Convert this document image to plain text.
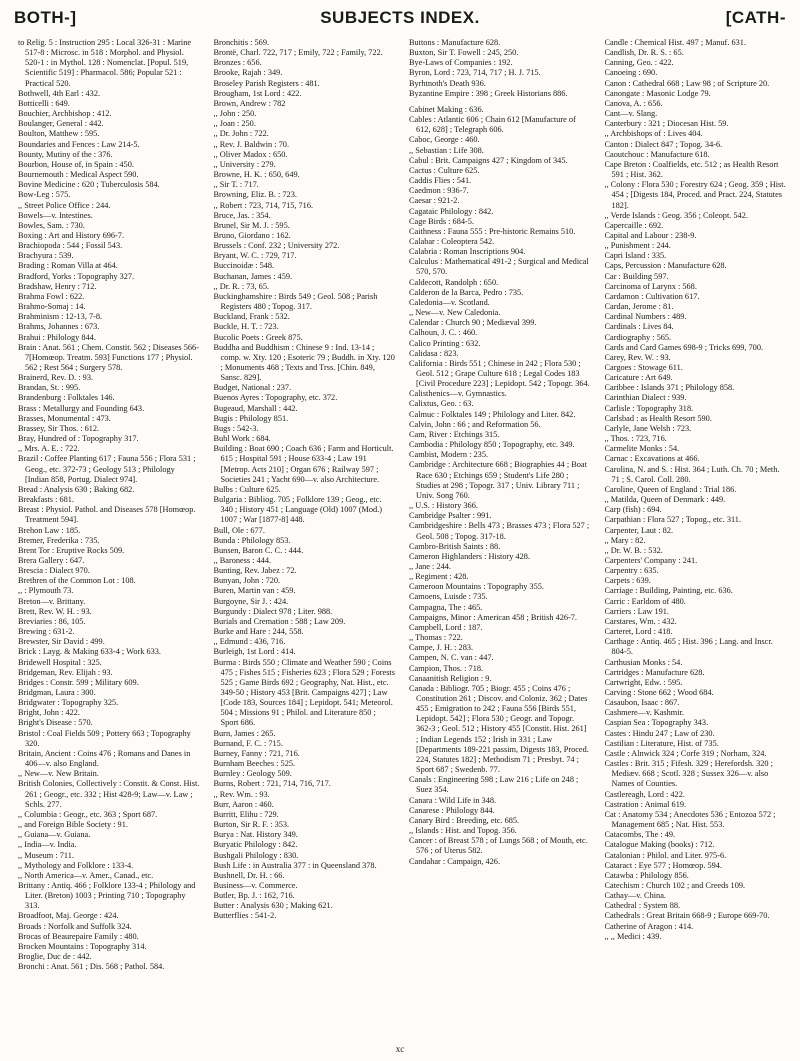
SUBJECTS INDEX.
BOTH-]	[CATH-

to Relig. 5 : Instruction 295 : Local 326-31 : Marine 517-8 : Microsc. in 518 : Morphol. and Physiol. 520-1 : in Mythol. 128 : Nomenclat. [Popul. 519, Scientific 519] : Pharmacol. 586; Popular 521 : Practical 520.

Bothwell, 4th Earl : 432.

Botticelli : 649.

Bouchier, Archbishop : 412.

Boulanger, General : 442.

Boulton, Matthew : 595.

Boundaries and Fences : Law 214-5.

Bounty, Mutiny of the : 376.

Bourbon, House of, in Spain : 450.

Bournemouth : Medical Aspect 590.

Bovine Medicine : 620 ; Tuberculosis 584.

Bow-Leg : 575.

,, Street Police Office : 244.

Bowels—v. Intestines.

Bowles, Sam. : 730.

Boxing : Art and History 696-7.

Brachiopoda : 544 ; Fossil 543.

Brachyura : 539.

Brading : Roman Villa at 464.

Bradford, Yorks : Topography 327.

Bradshaw, Henry : 712.

Brahma Fowl : 622.

Brahmo-Somaj : 14.

Brahminism : 12-13, 7-8.

Brahms, Johannes : 673.

Brahui : Philology 844.

Brain : Anat. 561 ; Chem. Constit. 562 ; Diseases 566-7[Homœop. Treatm. 593] Functions 177 ; Physiol. 562 ; Rest 564 ; Surgery 578.

Brainerd, Rev. D. : 93.

Brandan, St. : 995.

Brandenburg : Folktales 146.

Brass : Metallurgy and Founding 643.

Brasses, Monumental : 473.

Brassey, Sir Thos. : 612.

Bray, Hundred of : Topography 317.

,, Mrs. A. E. : 722.

Brazil : Coffee Planting 617 ; Fauna 556 ; Flora 531 ; Geog., etc. 372-73 ; Geology 513 ; Philology [Indian 858, Portug. Dialect 974].

Bread : Analysis 630 ; Baking 682.

Breakfasts : 681.

Breast : Physiol. Pathol. and Diseases 578 [Homœop. Treatment 594].

Brehon Law : 185.

Bremer, Frederika : 735.

Brent Tor : Eruptive Rocks 509.

Brera Gallery : 647.

Brescia : Dialect 970.

Brethren of the Common Lot : 108.

,, : Plymouth 73.

Breton—v. Brittany.

Brett, Rev. W. H. : 93.

Breviaries : 86, 105.

Brewing : 631-2.

Brewster, Sir David : 499.

Brick : Layg. & Making 633-4 ; Work 633.

Bridewell Hospital : 325.

Bridgeman, Rev. Elijah : 93.

Bridges : Constr. 599 ; Military 609.

Bridgman, Laura : 300.

Bridgwater : Topography 325.

Bright, John : 422.

Bright's Disease : 570.

Bristol : Coal Fields 509 ; Pottery 663 ; Topography 320.

Britain, Ancient : Coins 476 ; Romans and Danes in 406—v. also England.

,, New—v. New Britain.

British Colonies, Collectively : Constit. & Const. Hist. 261 ; Geogr., etc. 332 ; Hist 428-9; Law—v. Law ; Schls. 277.

,, Columbia : Geogr., etc. 363 ; Sport 687.

,, and Foreign Bible Society : 91.

,, Guiana—v. Guiana.

,, India—v. India.

,, Museum : 711.

,, Mythology and Folklore : 133-4.

,, North America—v. Amer., Canad., etc.

Brittany : Antiq. 466 ; Folklore 133-4 ; Philology and Liter. (Breton) 1003 ; Printing 710 ; Topography 313.

Broadfoot, Maj. George : 424.

Broads : Norfolk and Suffolk 324.

Brocas of Beaurepaire Family : 480.

Brocken Mountains : Topography 314.

Broglie, Duc de : 442.

Bronchi : Anat. 561 ; Dis. 568 ; Pathol. 584.

Bronchitis : 569.

Brontë, Charl. 722, 717 ; Emily, 722 ; Family, 722.

Bronzes : 656.

Brooke, Rajah : 349.

Broseley Parish Registers : 481.

Brougham, 1st Lord : 422.

Brown, Andrew : 782

,, John : 250.

,, Joan : 250.

,, Dr. John : 722.

,, Rev. J. Baldwin : 70.

,, Oliver Madox : 650.

,, University : 279.

Browne, H. K. : 650, 649.

,, Sir T. : 717.

Browning, Eliz. B. : 723.

,, Robert : 723, 714, 715, 716.

Bruce, Jas. : 354.

Brunel, Sir M. J. : 595.

Bruno, Giordano : 162.

Brussels : Conf. 232 ; University 272.

Bryant, W. C. : 729, 717.

Buccinoidæ : 548.

Buchanan, James : 459.

,, Dr. R. : 73, 65.

Buckinghamshire : Birds 549 ; Geol. 508 ; Parish Registers 480 ; Topog. 317.

Buckland, Frank : 532.

Buckle, H. T. : 723.

Bucolic Poets : Greek 875.

Buddha and Buddhism : Chinese 9 : Ind. 13-14 ; comp. w. Xty. 120 ; Esoteric 79 ; Buddh. in Xty. 120 ; Monuments 468 ; Texts and Trss. [Chin. 849, Sansc. 829].

Budget, National : 237.

Buenos Ayres : Topography, etc. 372.

Bugeaud, Marshall : 442.

Bugis : Philology 851.

Bugs : 542-3.

Buhl Work : 684.

Building : Boat 690 ; Coach 636 ; Farm and Horticult. 615 ; Hospital 591 ; House 633-4 ; Law 191 [Metrop. Acts 210] ; Organ 676 ; Railway 597 ; Societies 241 ; Yacht 690—v. also Architecture.

Bulbs : Culture 625.

Bulgaria : Bibliog. 705 ; Folklore 139 ; Geog., etc. 340 ; History 451 ; Language (Old) 1007 (Mod.) 1007 ; War [1877-8] 448.

Bull, Ole : 677.

Bunda : Philology 853.

Bunsen, Baron C. C. : 444.

,, Baroness : 444.

Bunting, Rev. Jabez : 72.

Bunyan, John : 720.

Buren, Martin van : 459.

Burgoyne, Sir J. : 424.

Burgundy : Dialect 978 ; Liter. 988.

Burials and Cremation : 588 ; Law 209.

Burke and Hare : 244, 558.

,, Edmund : 436, 716.

Burleigh, 1st Lord : 414.

Burma : Birds 550 ; Climate and Weather 590 ; Coins 475 ; Fishes 515 ; Fisheries 623 ; Flora 529 ; Forests 525 ; Game Birds 692 ; Geography, Nat. Hist., etc. 349-50 ; History 453 [Brit. Campaigns 427] ; Law [Code 183, Sources 184] ; Lepidopt. 541; Meteorol. 504 ; Missions 91 ; Philol. and Literature 850 ; Sport 686.

Burn, James : 265.

Burnand, F. C. : 715.

Burney, Fanny : 721, 716.

Burnham Beeches : 525.

Burnley : Geology 509.

Burns, Robert : 721, 714, 716, 717.

,, Rev. Wm. : 93.

Burr, Aaron : 460.

Burritt, Elihu : 729.

Burton, Sir R. F. : 353.

Burya : Nat. History 349.

Buryatic Philology : 842.

Bushgali Philology : 830.

Bush Life : in Australia 377 : in Queensland 378.

Bushnell, Dr. H. : 66.

Business—v. Commerce.

Butler, Bp. J. : 162, 716.

Butter : Analysis 630 ; Making 621.

Butterflies : 541-2.

Buttons : Manufacture 628.

Buxton, Sir T. Fowell : 245, 250.

Bye-Laws of Companies : 192.

Byron, Lord : 723, 714, 717 ; H. J. 715.

Byrhtnoth's Death 936.

Byzantine Empire : 398 ; Greek Historians 886.

Cabinet Making : 636.

Cables : Atlantic 606 ; Chain 612 [Manufacture of 612, 628] ; Telegraph 606.

Caboc, George : 460.

,, Sebastian : Life 308.

Cabul : Brit. Campaigns 427 ; Kingdom of 345.

Cactus : Culture 625.

Caddis Flies : 541.

Caedmon : 936-7.

Caesar : 921-2.

Cagataic Philology : 842.

Cage Birds : 684-5.

Caithness : Fauna 555 : Pre-historic Remains 510.

Calabar : Coleoptera 542.

Calabria : Roman Inscriptions 904.

Calculus : Mathematical 491-2 ; Surgical and Medical 570, 570.

Caldecott, Randolph : 650.

Calderon de la Barca, Pedro : 735.

Caledonia—v. Scotland.

,, New—v. New Caledonia.

Calendar : Church 90 ; Mediæval 399.

Calhoun, J. C. : 460.

Calico Printing : 632.

Calidasa : 823.

California : Birds 551 ; Chinese in 242 ; Flora 530 ; Geol. 512 ; Grape Culture 618 ; Legal Codes 183 [Civil Procedure 223] ; Lepidopt. 542 ; Topogr. 364.

Calisthenics—v. Gymnastics.

Calixtus, Geo. : 63.

Calmuc : Folktales 149 ; Philology and Liter. 842.

Calvin, John : 66 ; and Reformation 56.

Cam, River : Etchings 315.

Cambodia : Philology 850 ; Topography, etc. 349.

Cambist, Modern : 235.

Cambridge : Architecture 668 ; Biographies 44 ; Boat Race 630 ; Etchings 659 ; Student's Life 280 ; Studies at 298 ; Topogr. 317 ; Univ. Library 711 ; Univ. Song 760.

,, U.S. : History 366.

Cambridge Psalter : 991.

Cambridgeshire : Bells 473 ; Brasses 473 ; Flora 527 ; Geol. 508 ; Topog. 317-18.

Cambro-British Saints : 88.

Cameron Highlanders : History 428.

,, Jane : 244.

,, Regiment : 428.

Cameroon Mountains : Topography 355.

Camoens, Luisde : 735.

Campagna, The : 465.

Campaigns, Minor : American 458 ; British 426-7.

Campbell, Lord : 187.

,, Thomas : 722.

Campe, J. H. : 283.

Campen, N. C. van : 447.

Campion, Thos. : 718.

Canaanitish Religion : 9.

Canada : Bibliogr. 705 ; Biogr. 455 ; Coins 476 ; Constitution 261 ; Discov. and Coloniz. 362 ; Dates 455 ; Emigration to 242 ; Fauna 556 [Birds 551, Lepidopt. 542] ; Flora 530 ; Geogr. and Topogr. 362-3 ; Geol. 512 ; History 455 [Constit. Hist. 261] ; Indian Legends 152 ; Irish in 331 ; Law [Departments 189-221 passim, Digests 183, Proced. 224, Statutes 182] ; Methodism 71 ; Presbyt. 74 ; Sport 687 ; Swedenb. 77.

Canals : Engineering 598 ; Law 216 ; Life on 248 ; Suez 354.

Canara : Wild Life in 348.

Canarese : Philology 844.

Canary Bird : Breeding, etc. 685.

,, Islands : Hist. and Topog. 356.

Cancer : of Breast 578 ; of Lungs 568 ; of Mouth, etc. 576 ; of Uterus 582.

Candahar : Campaign, 426.

Candle : Chemical Hist. 497 ; Manuf. 631.

Candlish, Dr. R. S. : 65.

Canning, Geo. : 422.

Canoeing : 690.

Canon : Cathedral 668 ; Law 98 ; of Scripture 20.

Canongate : Masonic Lodge 79.

Canova, A. : 656.

Cant—v. Slang.

Canterbury : 321 ; Diocesan Hist. 59.

,, Archbishops of : Lives 404.

Canton : Dialect 847 ; Topog. 34-6.

Caoutchouc : Manufacture 618.

Cape Breton : Coalfields, etc. 512 ; as Health Resort 591 ; Hist. 362.

,, Colony : Flora 530 ; Forestry 624 ; Geog. 359 ; Hist. 454 ; [Digests 184, Proced. and Pract. 224, Statutes 182].

,, Verde Islands : Geog. 356 ; Coleopt. 542.

Capercaille : 692.

Capital and Labour : 238-9.

,, Punishment : 244.

Capri Island : 335.

Caps, Percussion : Manufacture 628.

Car : Building 597.

Carcinoma of Larynx : 568.

Cardamon : Cultivation 617.

Cardan, Jerome : 81.

Cardinal Numbers : 489.

Cardinals : Lives 84.

Cardiography : 565.

Cards and Card Games 698-9 ; Tricks 699, 700.

Carey, Rev. W. : 93.

Cargoes : Stowage 611.

Caricature : Art 649.

Caribbee : Islands 371 ; Philology 858.

Carinthian Dialect : 939.

Carlisle : Topography 318.

Carlsbad : as Health Resort 590.

Carlyle, Jane Welsh : 723.

,, Thos. : 723, 716.

Carmelite Monks : 54.

Carnac : Excavations at 466.

Carolina, N. and S. : Hist. 364 ; Luth. Ch. 70 ; Meth. 71 ; S. Carol. Coll. 280.

Caroline, Queen of England : Trial 186.

,, Matilda, Queen of Denmark : 449.

Carp (fish) : 694.

Carpathian : Flora 527 ; Topog., etc. 311.

Carpenter, Laut : 82.

,, Mary : 82.

,, Dr. W. B. : 532.

Carpenters' Company : 241.

Carpentry : 635.

Carpets : 639.

Carriage : Building, Painting, etc. 636.

Carric : Earldom of 480.

Carriers : Law 191.

Carstares, Wm. : 432.

Carteret, Lord : 418.

Carthage : Antiq. 465 ; Hist. 396 ; Lang. and Inscr. 804-5.

Carthusian Monks : 54.

Cartridges : Manufacture 628.

Cartwright, Edw. : 595.

Carving : Stone 662 ; Wood 684.

Casaubon, Isaac : 867.

Cashmere—v. Kashmir.

Caspian Sea : Topography 343.

Castes : Hindu 247 ; Law of 230.

Castilian : Literature, Hist. of 735.

Castle : Alnwick 324 ; Corfe 319 ; Norham, 324.

Castles : Brit. 315 ; Fifesh. 329 ; Herefordsh. 320 ; Mediæv. 668 ; Scotl. 328 ; Sussex 326—v. also Names of Counties.

Castlereagh, Lord : 422.

Castration : Animal 619.

Cat : Anatomy 534 ; Anecdotes 536 ; Entozoa 572 ; Management 685 ; Nat. Hist. 553.

Catacombs, The : 49.

Catalogue Making (books) : 712.

Catalonian : Philol. and Liter. 975-6.

Cataract : Eye 577 ; Homœop. 594.

Catawba : Philology 856.

Catechism : Church 102 ; and Creeds 109.

Cathay—v. China.

Cathedral : System 88.

Cathedrals : Great Britain 668-9 ; Europe 669-70.

Catherine of Aragon : 414.

,, ,, Medici : 439.

xc
